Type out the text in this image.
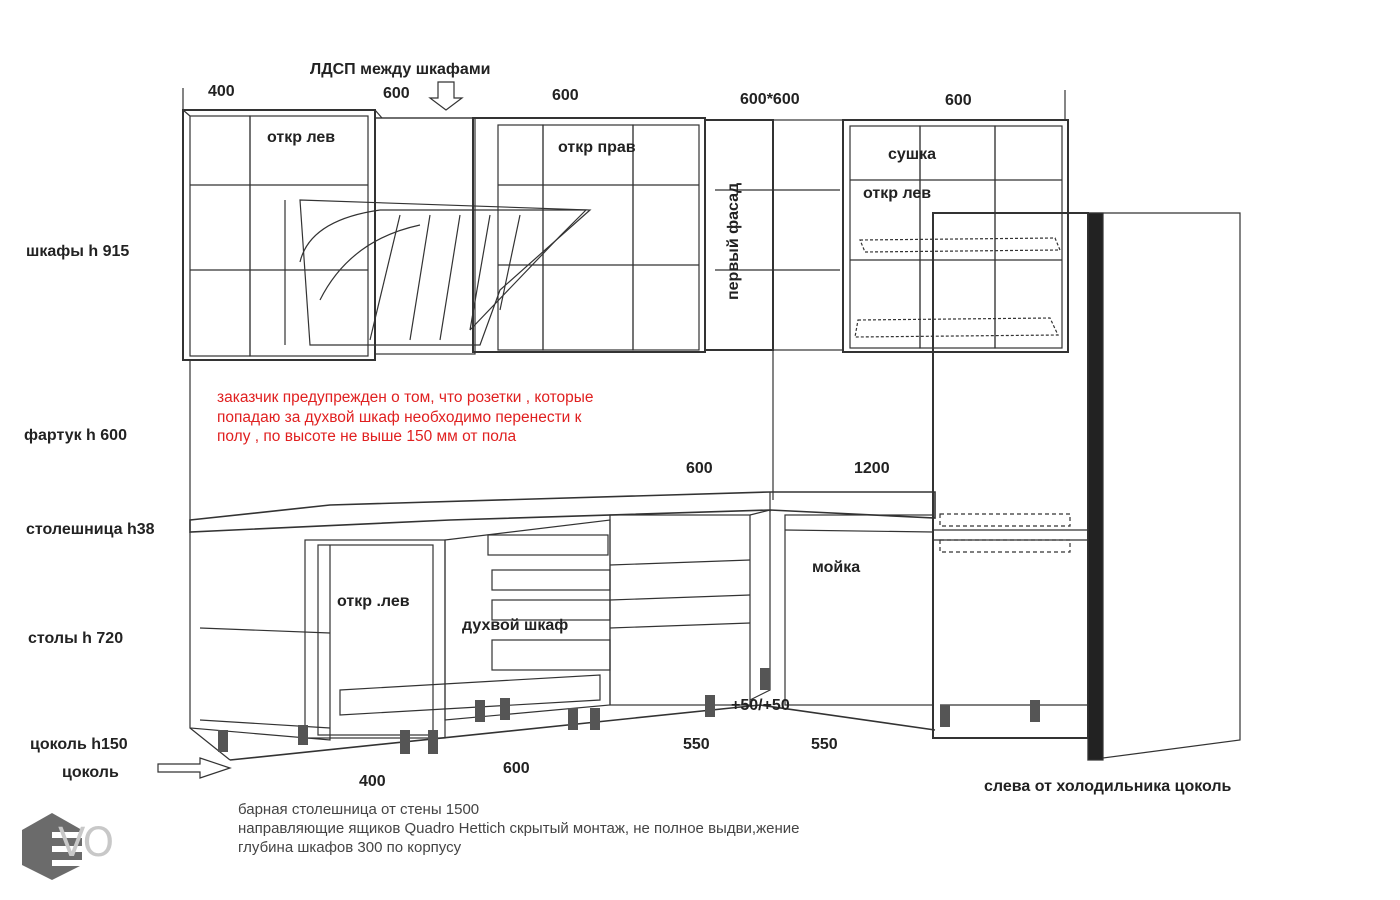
ЛДСП между шкафами
400	600	600	600*600	600
откр лев
откр прав	сушка
откр лев
первый фасад
шкафы h 915
фартук h 600
столешница h38
столы h 720
цоколь h150
цоколь
заказчик предупрежден о том, что розетки , которые
попадаю за духвой шкаф необходимо перенести к
полу , по высоте не выше 150 мм от пола
600	1200
мойка
откр .лев
духвой шкаф
+50/+50
550	550
400
600
слева от холодильника цоколь
барная столешница от стены 1500
направляющие ящиков Quadro Hettich скрытый монтаж, не полное выдви,жение
глубина шкафов 300 по корпусу
VO
